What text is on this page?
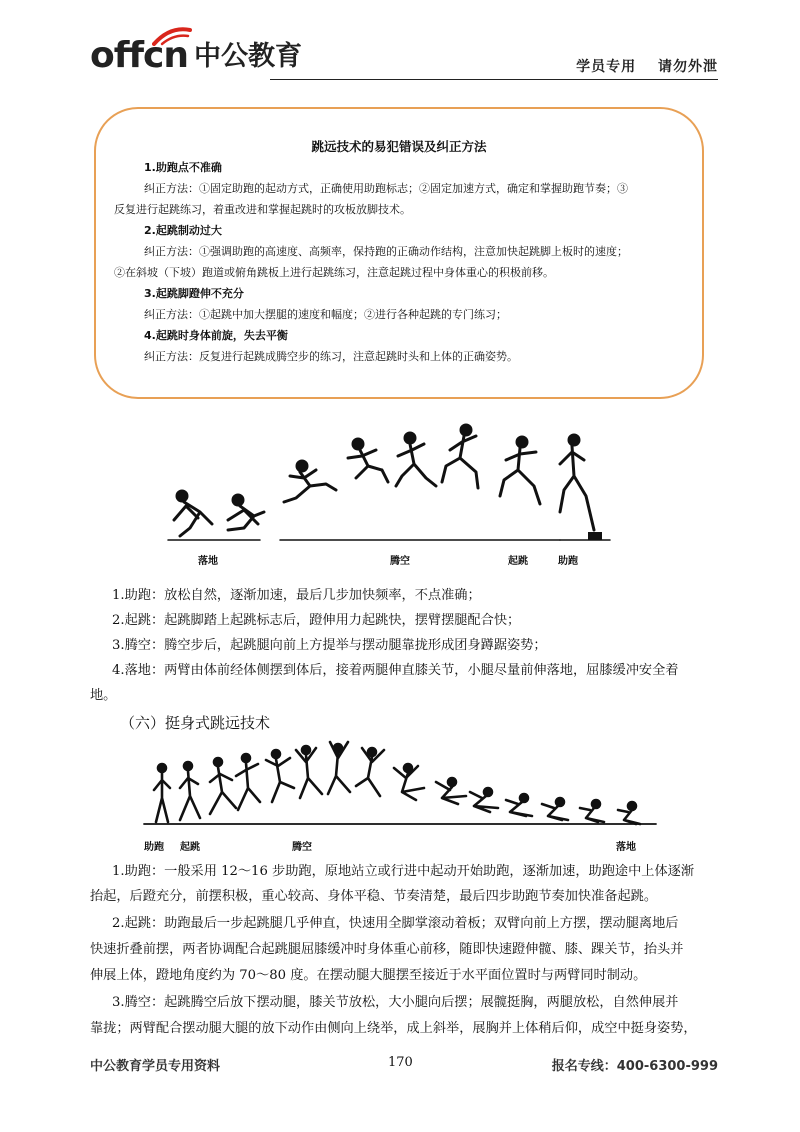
offcn 中公教育	学员专用 请勿外泄
跳远技术的易犯错误及纠正方法
1.助跑点不准确
纠正方法：①固定助跑的起动方式，正确使用助跑标志；②固定加速方式，确定和掌握助跑节奏；③
反复进行起跳练习，着重改进和掌握起跳时的攻板放脚技术。
2.起跳制动过大
纠正方法：①强调助跑的高速度、高频率，保持跑的正确动作结构，注意加快起跳脚上板时的速度；
②在斜坡（下坡）跑道或俯角跳板上进行起跳练习，注意起跳过程中身体重心的积极前移。
3.起跳脚蹬伸不充分
纠正方法：①起跳中加大摆腿的速度和幅度；②进行各种起跳的专门练习；
4.起跳时身体前旋，失去平衡
纠正方法：反复进行起跳成腾空步的练习，注意起跳时头和上体的正确姿势。
落地	腾空	起跳	助跑
1.助跑：放松自然，逐渐加速，最后几步加快频率，不点准确；
2.起跳：起跳脚踏上起跳标志后，蹬伸用力起跳快，摆臂摆腿配合快；
3.腾空：腾空步后，起跳腿向前上方提举与摆动腿靠拢形成团身蹲踞姿势；
4.落地：两臂由体前经体侧摆到体后，接着两腿伸直膝关节，小腿尽量前伸落地，屈膝缓冲安全着
地。
（六）挺身式跳远技术
助跑 起跳	腾空	落地
1.助跑：一般采用 12～16 步助跑，原地站立或行进中起动开始助跑，逐渐加速，助跑途中上体逐渐
抬起，后蹬充分，前摆积极，重心较高、身体平稳、节奏清楚，最后四步助跑节奏加快准备起跳。
2.起跳：助跑最后一步起跳腿几乎伸直，快速用全脚掌滚动着板；双臂向前上方摆，摆动腿离地后
快速折叠前摆，两者协调配合起跳腿屈膝缓冲时身体重心前移，随即快速蹬伸髋、膝、踝关节，抬头并
伸展上体，蹬地角度约为 70～80 度。在摆动腿大腿摆至接近于水平面位置时与两臂同时制动。
3.腾空：起跳腾空后放下摆动腿，膝关节放松，大小腿向后摆；展髋挺胸，两腿放松，自然伸展并
靠拢；两臂配合摆动腿大腿的放下动作由侧向上绕举，成上斜举，展胸并上体稍后仰，成空中挺身姿势，
中公教育学员专用资料	170	报名专线：400-6300-999
